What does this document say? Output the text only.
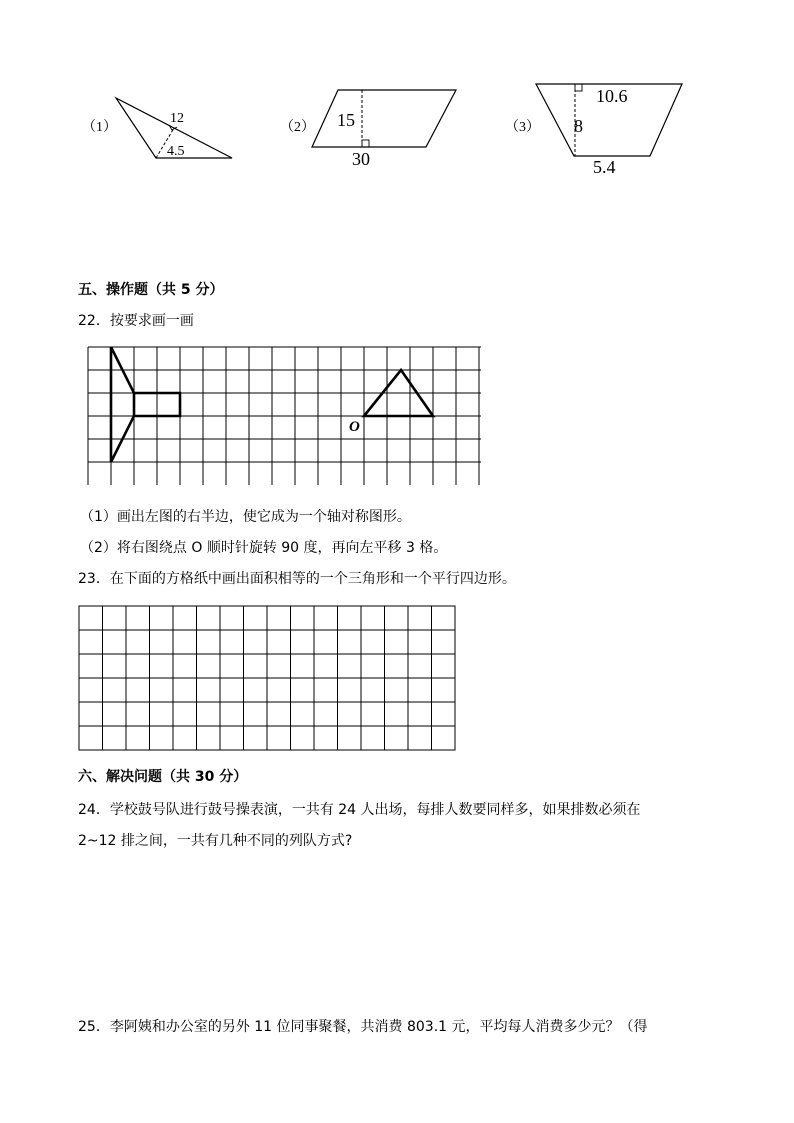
（1）
12
4.5
（2） 15
30
（3）
10.6
8
5.4
五、操作题（共 5 分）
22．按要求画一画
O
（1）画出左图的右半边，使它成为一个轴对称图形。
（2）将右图绕点 O 顺时针旋转 90 度，再向左平移 3 格。
23．在下面的方格纸中画出面积相等的一个三角形和一个平行四边形。
六、解决问题（共 30 分）
24．学校鼓号队进行鼓号操表演，一共有 24 人出场，每排人数要同样多，如果排数必须在
2~12 排之间，一共有几种不同的列队方式?
25．李阿姨和办公室的另外 11 位同事聚餐，共消费 803.1 元，平均每人消费多少元？（得
